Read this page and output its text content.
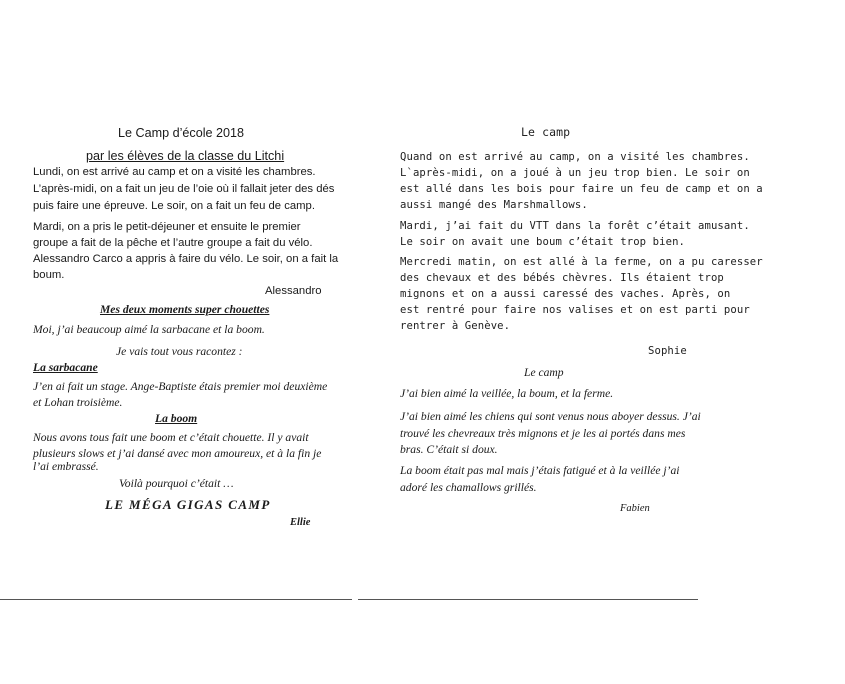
Le Camp d’école 2018

par les élèves de la classe du Litchi

Lundi, on est arrivé au camp et on a visité les chambres.

L’après-midi, on a fait un jeu de l’oie où il fallait jeter des dés

puis faire une épreuve. Le soir, on a fait un feu de camp.

Mardi, on a pris le petit-déjeuner et ensuite le premier

groupe a fait de la pêche et l’autre groupe a fait du vélo.

Alessandro Carco a appris à faire du vélo. Le soir, on a fait la

boum.

Alessandro

Mes deux moments super chouettes

Moi, j’ai beaucoup aimé la sarbacane et la boom.

Je vais tout vous racontez :

La sarbacane

J’en ai fait un stage. Ange-Baptiste étais premier moi deuxième

et Lohan troisième.

La boom

Nous avons tous fait une boom et c’était chouette. Il y avait

plusieurs slows et j’ai dansé avec mon amoureux, et à la fin je

l’ai embrassé.

Voilà pourquoi c’était …

LE MÉGA GIGAS CAMP

Ellie

Le camp

Quand on est arrivé au camp, on a visité les chambres.

L`après-midi, on a joué à un jeu trop bien. Le soir on

est allé dans les bois pour faire un feu de camp et on a

aussi mangé des Marshmallows.

Mardi, j’ai fait du VTT dans la forêt c’était amusant.

Le soir on avait une boum c’était trop bien.

Mercredi matin, on est allé à la ferme, on a pu caresser

des chevaux et des bébés chèvres. Ils étaient trop

mignons et on a aussi caressé des vaches. Après, on

est rentré pour faire nos valises et on est parti pour

rentrer à Genève.

Sophie

Le camp

J’ai bien aimé la veillée, la boum, et la ferme.

J’ai bien aimé les chiens qui sont venus nous aboyer dessus. J’ai

trouvé les chevreaux très mignons et je les ai portés dans mes

bras. C’était si doux.

La boom était pas mal mais j’étais fatigué et à la veillée j’ai

adoré les chamallows grillés.

Fabien
